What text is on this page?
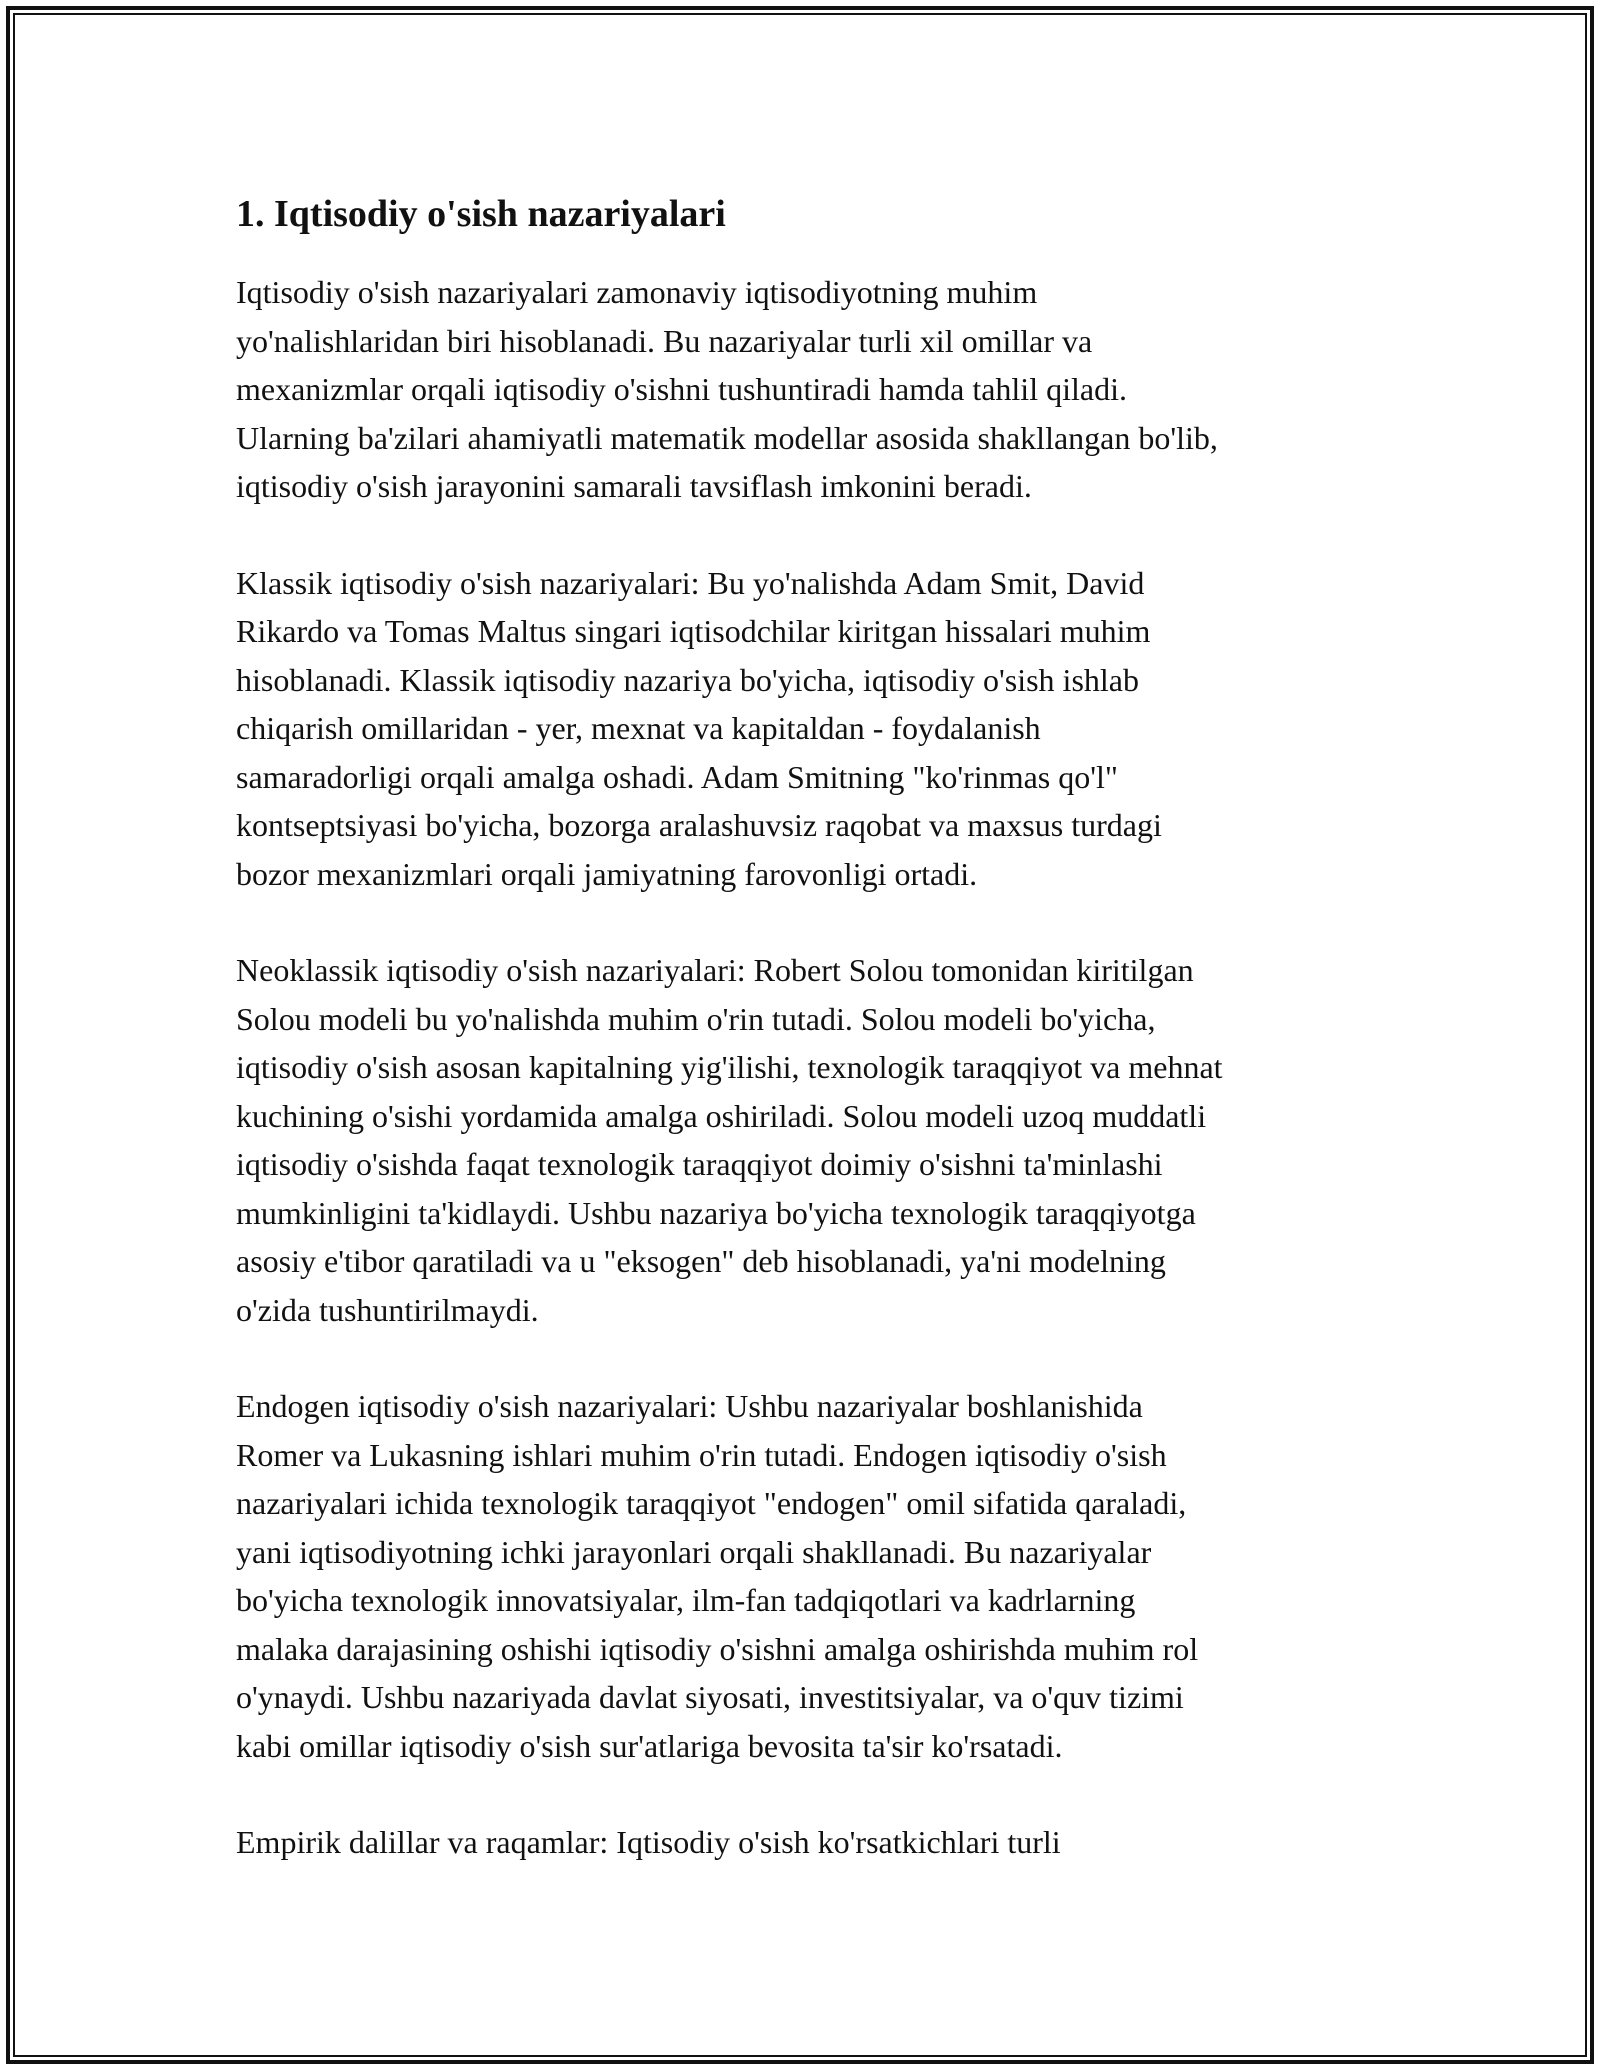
1. Iqtisodiy o'sish nazariyalari

Iqtisodiy o'sish nazariyalari zamonaviy iqtisodiyotning muhim
yo'nalishlaridan biri hisoblanadi. Bu nazariyalar turli xil omillar va
mexanizmlar orqali iqtisodiy o'sishni tushuntiradi hamda tahlil qiladi.
Ularning ba'zilari ahamiyatli matematik modellar asosida shakllangan bo'lib,
iqtisodiy o'sish jarayonini samarali tavsiflash imkonini beradi.

Klassik iqtisodiy o'sish nazariyalari: Bu yo'nalishda Adam Smit, David
Rikardo va Tomas Maltus singari iqtisodchilar kiritgan hissalari muhim
hisoblanadi. Klassik iqtisodiy nazariya bo'yicha, iqtisodiy o'sish ishlab
chiqarish omillaridan - yer, mexnat va kapitaldan - foydalanish
samaradorligi orqali amalga oshadi. Adam Smitning "ko'rinmas qo'l"
kontseptsiyasi bo'yicha, bozorga aralashuvsiz raqobat va maxsus turdagi
bozor mexanizmlari orqali jamiyatning farovonligi ortadi.

Neoklassik iqtisodiy o'sish nazariyalari: Robert Solou tomonidan kiritilgan
Solou modeli bu yo'nalishda muhim o'rin tutadi. Solou modeli bo'yicha,
iqtisodiy o'sish asosan kapitalning yig'ilishi, texnologik taraqqiyot va mehnat
kuchining o'sishi yordamida amalga oshiriladi. Solou modeli uzoq muddatli
iqtisodiy o'sishda faqat texnologik taraqqiyot doimiy o'sishni ta'minlashi
mumkinligini ta'kidlaydi. Ushbu nazariya bo'yicha texnologik taraqqiyotga
asosiy e'tibor qaratiladi va u "eksogen" deb hisoblanadi, ya'ni modelning
o'zida tushuntirilmaydi.

Endogen iqtisodiy o'sish nazariyalari: Ushbu nazariyalar boshlanishida
Romer va Lukasning ishlari muhim o'rin tutadi. Endogen iqtisodiy o'sish
nazariyalari ichida texnologik taraqqiyot "endogen" omil sifatida qaraladi,
yani iqtisodiyotning ichki jarayonlari orqali shakllanadi. Bu nazariyalar
bo'yicha texnologik innovatsiyalar, ilm-fan tadqiqotlari va kadrlarning
malaka darajasining oshishi iqtisodiy o'sishni amalga oshirishda muhim rol
o'ynaydi. Ushbu nazariyada davlat siyosati, investitsiyalar, va o'quv tizimi
kabi omillar iqtisodiy o'sish sur'atlariga bevosita ta'sir ko'rsatadi.

Empirik dalillar va raqamlar: Iqtisodiy o'sish ko'rsatkichlari turli
